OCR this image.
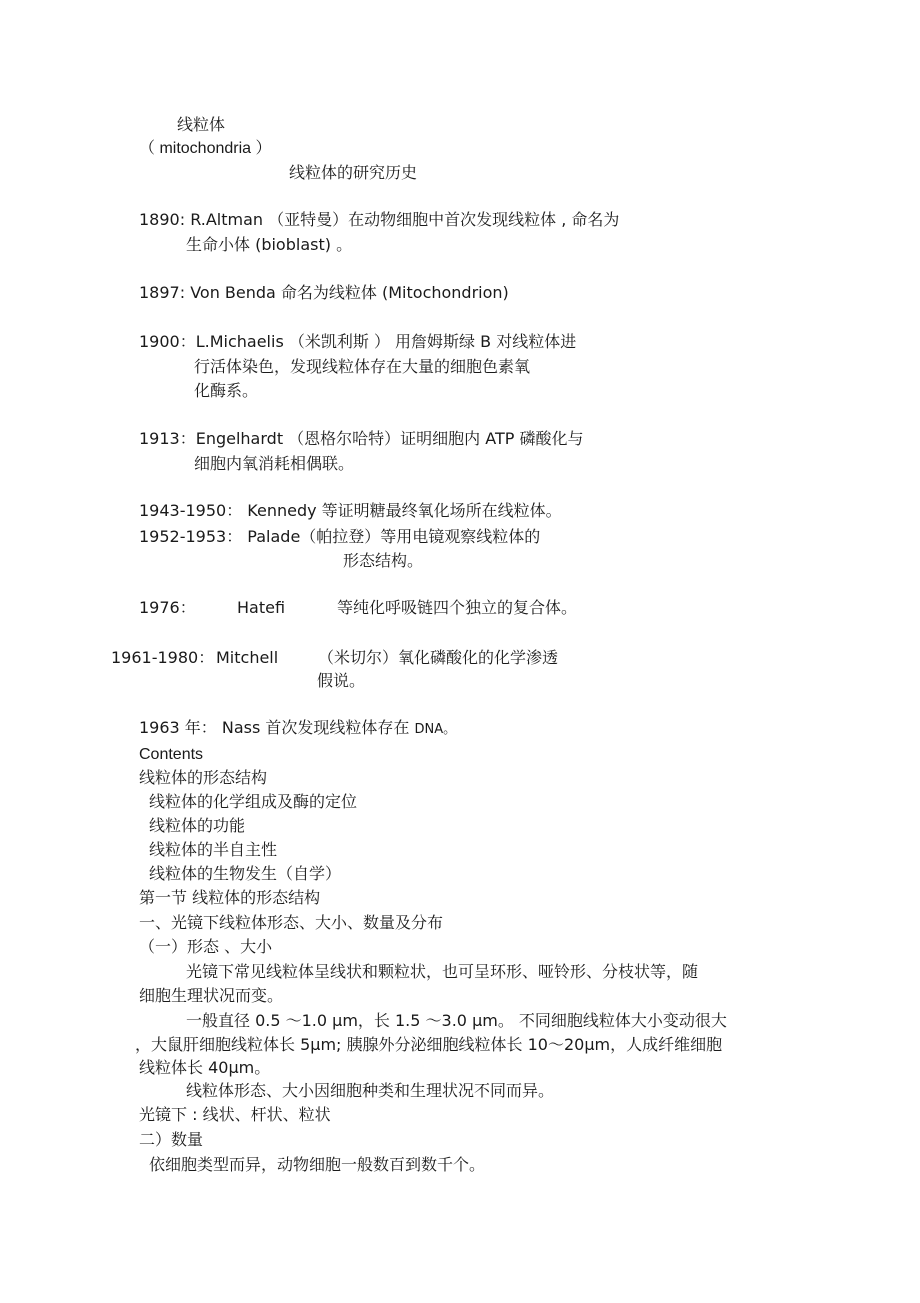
线粒体
（ mitochondria ）
线粒体的研究历史
1890: R.Altman （亚特曼）在动物细胞中首次发现线粒体 , 命名为
生命小体 (bioblast) 。
1897: Von Benda 命名为线粒体 (Mitochondrion)
1900：L.Michaelis （米凯利斯 ） 用詹姆斯绿 B 对线粒体进
行活体染色，发现线粒体存在大量的细胞色素氧
化酶系。
1913：Engelhardt （恩格尔哈特）证明细胞内 ATP 磷酸化与
细胞内氧消耗相偶联。
1943-1950： Kennedy 等证明糖最终氧化场所在线粒体。
1952-1953： Palade（帕拉登）等用电镜观察线粒体的
形态结构。
1976：	Hatefi	等纯化呼吸链四个独立的复合体。
1961-1980： Mitchell （米切尔）氧化磷酸化的化学渗透
假说。
1963 年： Nass 首次发现线粒体存在 DNA。
Contents
线粒体的形态结构
线粒体的化学组成及酶的定位
线粒体的功能
线粒体的半自主性
线粒体的生物发生（自学）
第一节 线粒体的形态结构
一、光镜下线粒体形态、大小、数量及分布
（一）形态 、大小
光镜下常见线粒体呈线状和颗粒状，也可呈环形、哑铃形、分枝状等，随
细胞生理状况而变。
一般直径 0.5 ～1.0 μm，长 1.5 ～3.0 μm。 不同细胞线粒体大小变动很大
，大鼠肝细胞线粒体长 5μm; 胰腺外分泌细胞线粒体长 10～20μm，人成纤维细胞
线粒体长 40μm。
线粒体形态、大小因细胞种类和生理状况不同而异。
光镜下 : 线状、杆状、粒状
二）数量
依细胞类型而异，动物细胞一般数百到数千个。
